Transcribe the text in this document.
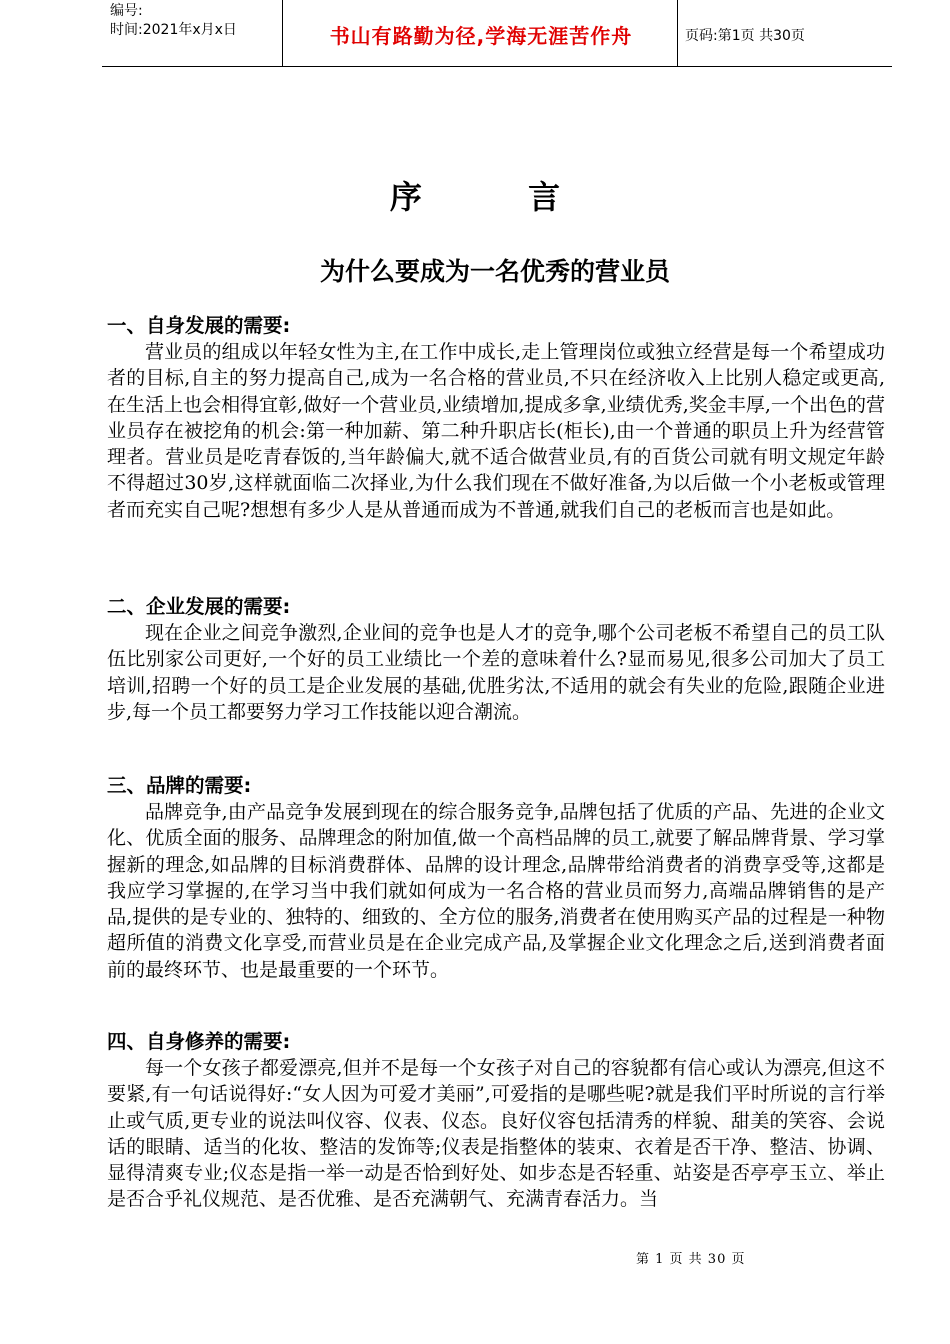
编号:
时间:2021年x月x日	书山有路勤为径,学海无涯苦作舟	页码:第1页 共30页
序 言
为什么要成为一名优秀的营业员

一、自身发展的需要:

营业员的组成以年轻女性为主,在工作中成长,走上管理岗位或独立经营是每一个希望成功者的目标,自主的努力提高自己,成为一名合格的营业员,不只在经济收入上比别人稳定或更高,在生活上也会相得宜彰,做好一个营业员,业绩增加,提成多拿,业绩优秀,奖金丰厚,一个出色的营业员存在被挖角的机会:第一种加薪、第二种升职店长(柜长),由一个普通的职员上升为经营管理者。营业员是吃青春饭的,当年龄偏大,就不适合做营业员,有的百货公司就有明文规定年龄不得超过30岁,这样就面临二次择业,为什么我们现在不做好准备,为以后做一个小老板或管理者而充实自己呢?想想有多少人是从普通而成为不普通,就我们自己的老板而言也是如此。

二、企业发展的需要:

现在企业之间竞争激烈,企业间的竞争也是人才的竞争,哪个公司老板不希望自己的员工队伍比别家公司更好,一个好的员工业绩比一个差的意味着什么?显而易见,很多公司加大了员工培训,招聘一个好的员工是企业发展的基础,优胜劣汰,不适用的就会有失业的危险,跟随企业进步,每一个员工都要努力学习工作技能以迎合潮流。

三、品牌的需要:

品牌竞争,由产品竞争发展到现在的综合服务竞争,品牌包括了优质的产品、先进的企业文化、优质全面的服务、品牌理念的附加值,做一个高档品牌的员工,就要了解品牌背景、学习掌握新的理念,如品牌的目标消费群体、品牌的设计理念,品牌带给消费者的消费享受等,这都是我应学习掌握的,在学习当中我们就如何成为一名合格的营业员而努力,高端品牌销售的是产品,提供的是专业的、独特的、细致的、全方位的服务,消费者在使用购买产品的过程是一种物超所值的消费文化享受,而营业员是在企业完成产品,及掌握企业文化理念之后,送到消费者面前的最终环节、也是最重要的一个环节。

四、自身修养的需要:

每一个女孩子都爱漂亮,但并不是每一个女孩子对自己的容貌都有信心或认为漂亮,但这不要紧,有一句话说得好:“女人因为可爱才美丽”,可爱指的是哪些呢?就是我们平时所说的言行举止或气质,更专业的说法叫仪容、仪表、仪态。良好仪容包括清秀的样貌、甜美的笑容、会说话的眼睛、适当的化妆、整洁的发饰等;仪表是指整体的装束、衣着是否干净、整洁、协调、显得清爽专业;仪态是指一举一动是否恰到好处、如步态是否轻重、站姿是否亭亭玉立、举止是否合乎礼仪规范、是否优雅、是否充满朝气、充满青春活力。当

第 1 页 共 30 页
